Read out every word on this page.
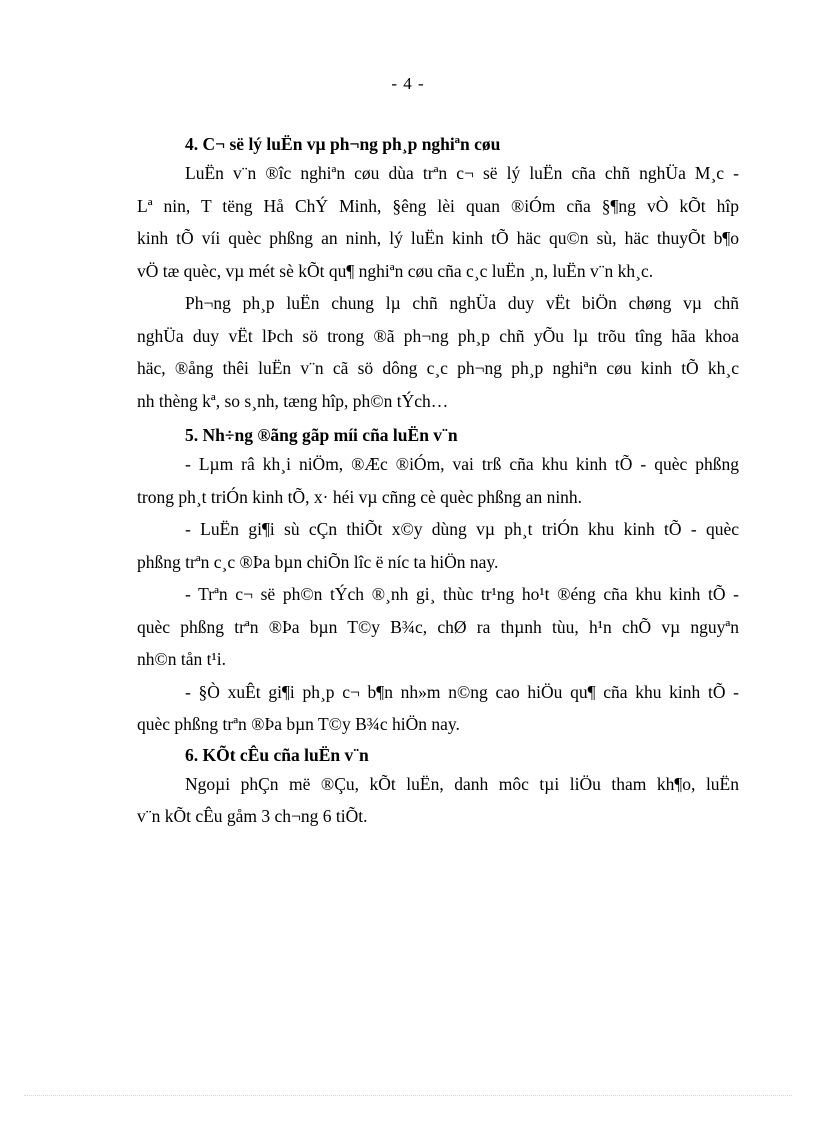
- 4 -
4. C¬ së lý luËn vµ ph¬ng ph¸p nghiªn cøu
LuËn v¨n ®îc nghiªn cøu dùa trªn c¬ së lý luËn cña chñ nghÜa M¸c -
Lª nin, T tëng Hå ChÝ Minh, §êng lèi quan ®iÓm cña §¶ng vÒ kÕt hîp
kinh tÕ víi quèc phßng an ninh, lý luËn kinh tÕ häc qu©n sù, häc thuyÕt b¶o
vÖ tæ quèc, vµ mét sè kÕt qu¶ nghiªn cøu cña c¸c luËn ¸n, luËn v¨n kh¸c.
Ph¬ng ph¸p luËn chung lµ chñ nghÜa duy vËt biÖn chøng vµ chñ
nghÜa duy vËt lÞch sö trong ®ã ph¬ng ph¸p chñ yÕu lµ trõu tîng hãa khoa
häc, ®ång thêi luËn v¨n cã sö dông c¸c ph¬ng ph¸p nghiªn cøu kinh tÕ kh¸c
nh thèng kª, so s¸nh, tæng hîp, ph©n tÝch…
5. Nh÷ng ®ãng gãp míi cña luËn v¨n
- Lµm râ kh¸i niÖm, ®Æc ®iÓm, vai trß cña khu kinh tÕ - quèc phßng
trong ph¸t triÓn kinh tÕ, x· héi vµ cñng cè quèc phßng an ninh.
- LuËn gi¶i sù cÇn thiÕt x©y dùng vµ ph¸t triÓn khu kinh tÕ - quèc
phßng trªn c¸c ®Þa bµn chiÕn lîc ë níc ta hiÖn nay.
- Trªn c¬ së ph©n tÝch ®¸nh gi¸ thùc tr¹ng ho¹t ®éng cña khu kinh tÕ -
quèc phßng trªn ®Þa bµn T©y B¾c, chØ ra thµnh tùu, h¹n chÕ vµ nguyªn
nh©n tån t¹i.
- §Ò xuÊt gi¶i ph¸p c¬ b¶n nh»m n©ng cao hiÖu qu¶ cña khu kinh tÕ -
quèc phßng trªn ®Þa bµn T©y B¾c hiÖn nay.
6. KÕt cÊu cña luËn v¨n
Ngoµi phÇn më ®Çu, kÕt luËn, danh môc tµi liÖu tham kh¶o, luËn
v¨n kÕt cÊu gåm 3 ch¬ng 6 tiÕt.
